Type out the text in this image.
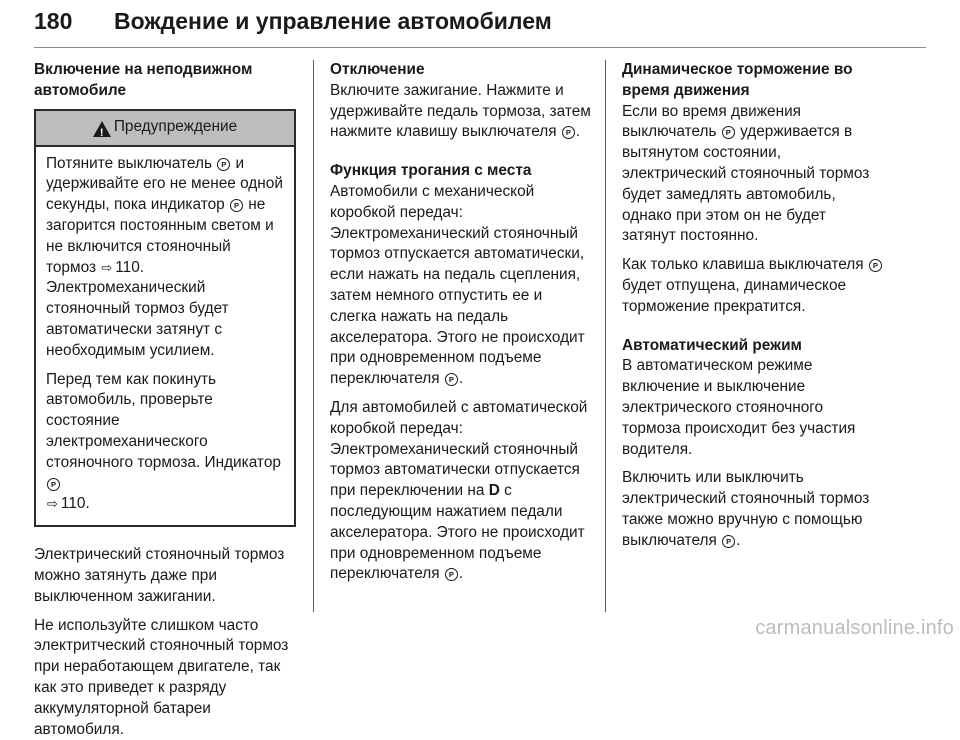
180 Вождение и управление автомобилем

Включение на неподвижном автомобиле

!
Предупреждение

Потяните выключатель P и удерживайте его не менее одной секунды, пока индикатор P не загорится постоянным светом и не включится стояночный тормоз ⇨ 110. Электромеханический стояночный тормоз будет автоматически затянут с необходимым усилием.

Перед тем как покинуть автомобиль, проверьте состояние электромеханического стояночного тормоза. Индикатор P
⇨ 110.

Электрический стояночный тормоз можно затянуть даже при выключенном зажигании.

Не используйте слишком часто электритческий стояночный тормоз при неработающем двигателе, так как это приведет к разряду аккумуляторной батареи автомобиля.

Отключение

Включите зажигание. Нажмите и удерживайте педаль тормоза, затем нажмите клавишу выключателя P .

Функция трогания с места

Автомобили с механической коробкой передач: Электромеханический стояночный тормоз отпускается автоматически, если нажать на педаль сцепления, затем немного отпустить ее и слегка нажать на педаль акселератора. Этого не происходит при одновременном подъеме переключателя P .

Для автомобилей с автоматической коробкой передач: Электромеханический стояночный тормоз автоматически отпускается при переключении на D с последующим нажатием педали акселератора. Этого не происходит при одновременном подъеме переключателя P .

Динамическое торможение во время движения

Если во время движения выключатель P удерживается в вытянутом состоянии, электрический стояночный тормоз будет замедлять автомобиль, однако при этом он не будет затянут постоянно.

Как только клавиша выключателя P будет отпущена, динамическое торможение прекратится.

Автоматический режим

В автоматическом режиме включение и выключение электрического стояночного тормоза происходит без участия водителя.

Включить или выключить электрический стояночный тормоз также можно вручную с помощью выключателя P .

carmanualsonline.info
